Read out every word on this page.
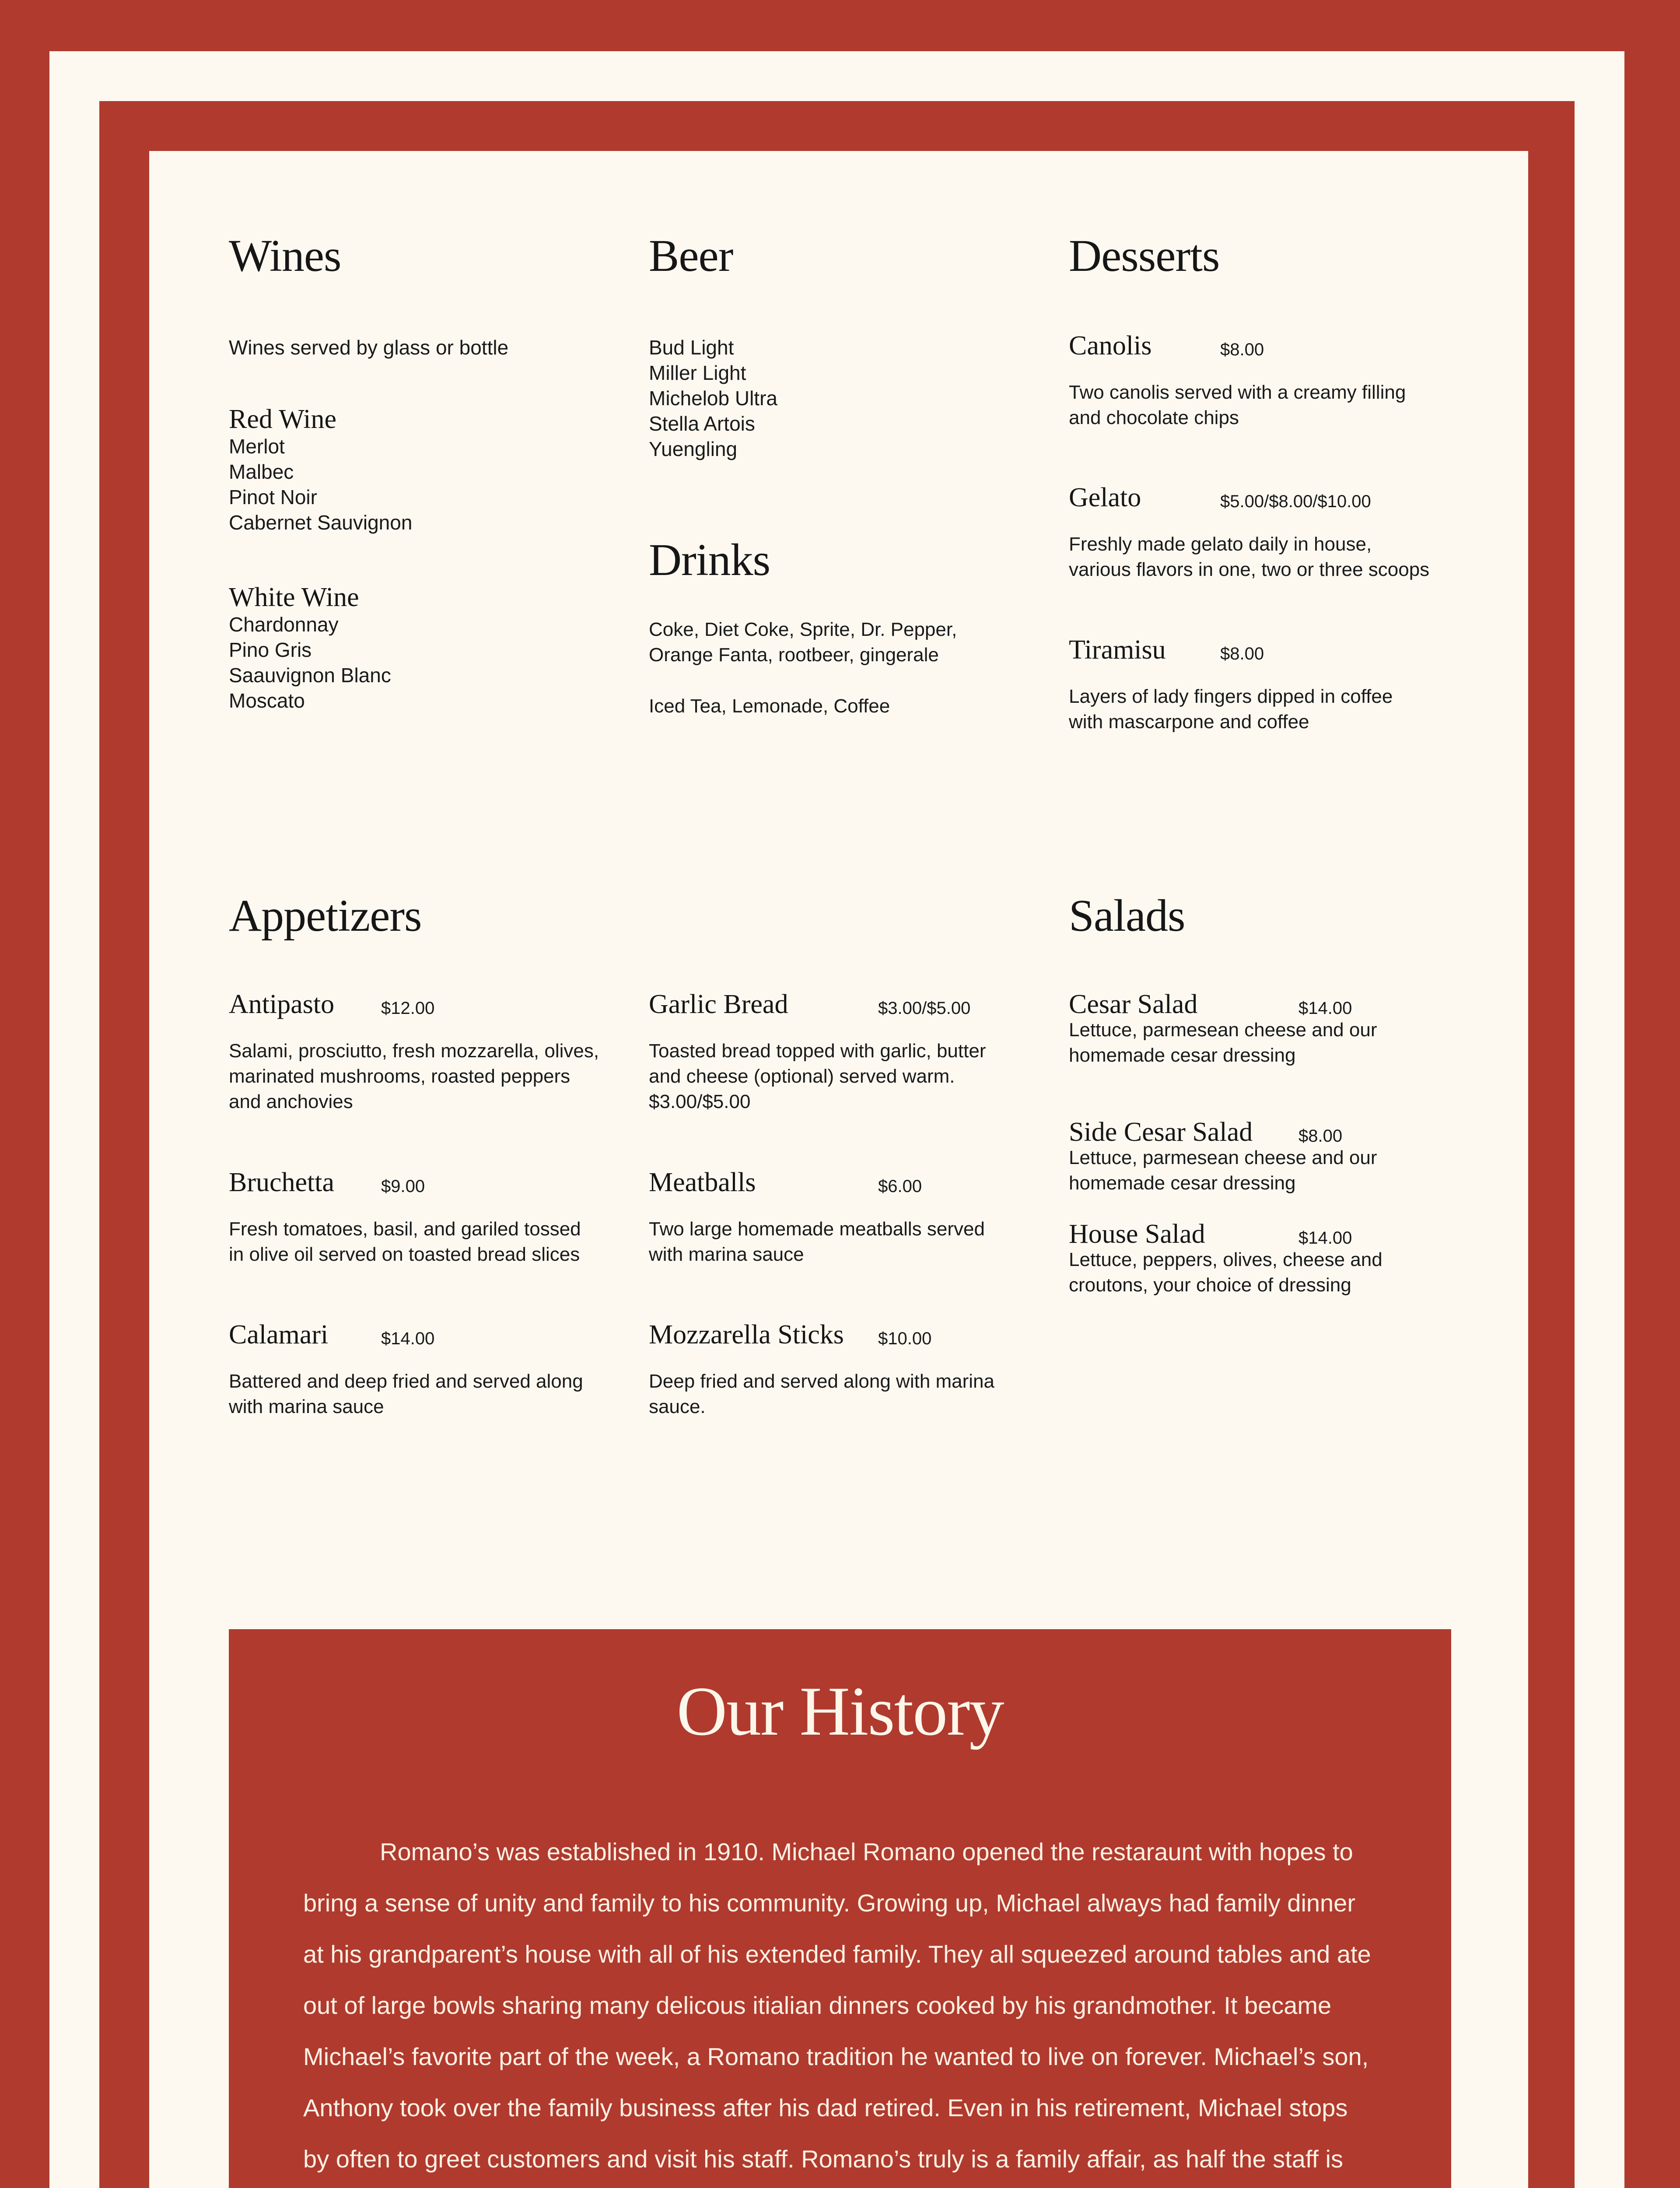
Wines
Wines served by glass or bottle
Red Wine
Merlot
Malbec
Pinot Noir
Cabernet Sauvignon
White Wine
Chardonnay
Pino Gris
Saauvignon Blanc
Moscato
Beer
Bud Light
Miller Light
Michelob Ultra
Stella Artois
Yuengling
Drinks
Coke, Diet Coke, Sprite, Dr. Pepper,
Orange Fanta, rootbeer, gingerale
Iced Tea, Lemonade, Coffee
Desserts
Canolis	$8.00
Two canolis served with a creamy filling
and chocolate chips
Gelato	$5.00/$8.00/$10.00
Freshly made gelato daily in house,
various flavors in one, two or three scoops
Tiramisu	$8.00
Layers of lady fingers dipped in coffee
with mascarpone and coffee
Appetizers
Antipasto	$12.00
Salami, prosciutto, fresh mozzarella, olives,
marinated mushrooms, roasted peppers
and anchovies
Bruchetta	$9.00
Fresh tomatoes, basil, and gariled tossed
in olive oil served on toasted bread slices
Calamari	$14.00
Battered and deep fried and served along
with marina sauce
Garlic Bread	$3.00/$5.00
Toasted bread topped with garlic, butter
and cheese (optional) served warm.
$3.00/$5.00
Meatballs	$6.00
Two large homemade meatballs served
with marina sauce
Mozzarella Sticks $10.00
Deep fried and served along with marina
sauce.
Salads
Cesar Salad	$14.00
Lettuce, parmesean cheese and our
homemade cesar dressing
Side Cesar Salad	$8.00
Lettuce, parmesean cheese and our
homemade cesar dressing
House Salad	$14.00
Lettuce, peppers, olives, cheese and
croutons, your choice of dressing
Our History
Romano’s was established in 1910. Michael Romano opened the restaraunt with hopes to bring a sense of unity and family to his community. Growing up, Michael always had family dinner at his grandparent’s house with all of his extended family. They all squeezed around tables and ate out of large bowls sharing many delicous itialian dinners cooked by his grandmother. It became Michael’s favorite part of the week, a Romano tradition he wanted to live on forever. Michael’s son, Anthony took over the family business after his dad retired. Even in his retirement, Michael stops by often to greet customers and visit his staff. Romano’s truly is a family affair, as half the staff is
